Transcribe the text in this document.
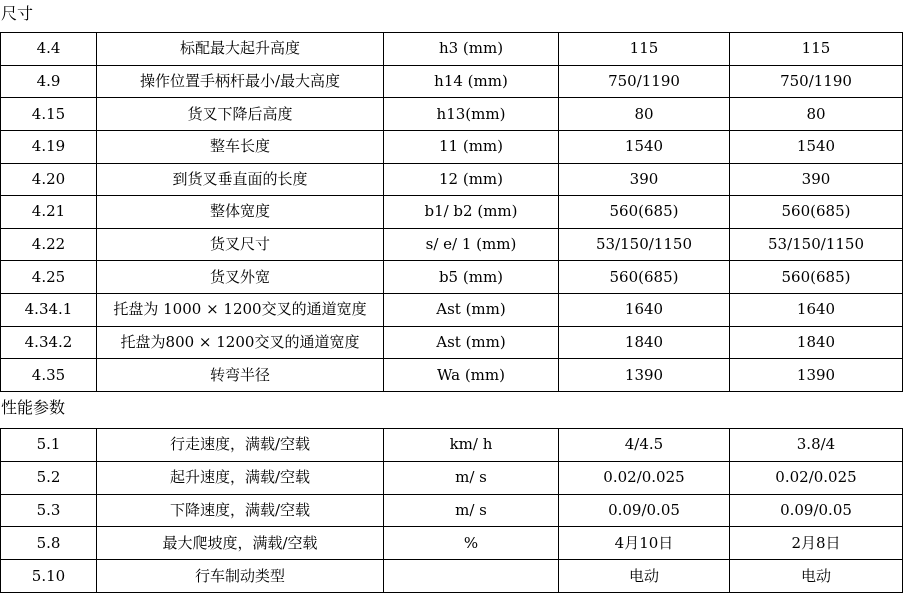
尺寸
4.4	标配最大起升高度	h3 (mm)	115	115
4.9	操作位置手柄杆最小/最大高度	h14 (mm)	750/1190	750/1190
4.15	货叉下降后高度	h13(mm)	80	80
4.19	整车长度	11 (mm)	1540	1540
4.20	到货叉垂直面的长度	12 (mm)	390	390
4.21	整体宽度	b1/ b2 (mm)	560(685)	560(685)
4.22	货叉尺寸	s/ e/ 1 (mm)	53/150/1150	53/150/1150
4.25	货叉外宽	b5 (mm)	560(685)	560(685)
4.34.1	托盘为 1000 × 1200交叉的通道宽度	Ast (mm)	1640	1640
4.34.2	托盘为800 × 1200交叉的通道宽度	Ast (mm)	1840	1840
4.35	转弯半径	Wa (mm)	1390	1390
性能参数
5.1	行走速度，满载/空载	km/ h	4/4.5	3.8/4
5.2	起升速度，满载/空载	m/ s	0.02/0.025	0.02/0.025
5.3	下降速度，满载/空载	m/ s	0.09/0.05	0.09/0.05
5.8	最大爬坡度，满载/空载	%	4月10日	2月8日
5.10	行车制动类型		电动	电动
